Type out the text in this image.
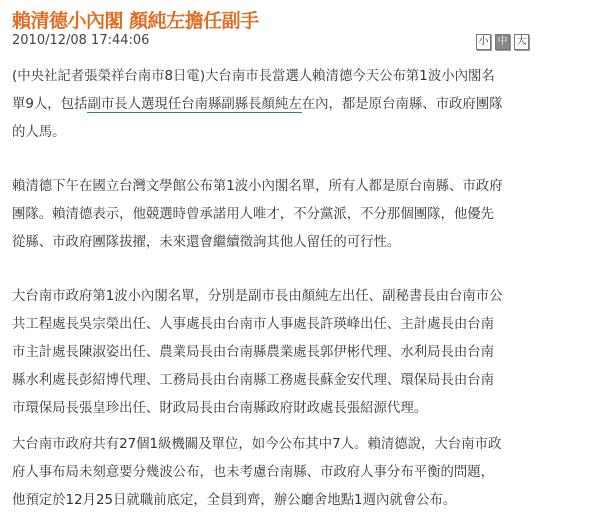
賴清德小內閣 顏純左擔任副手
2010/12/08 17:44:06	小 中 大
(中央社記者張榮祥台南市8日電)大台南市長當選人賴清德今天公布第1波小內閣名
單9人，包括副市長人選現任台南縣副縣長顏純左在內，都是原台南縣、市政府團隊
的人馬。
賴清德下午在國立台灣文學館公布第1波小內閣名單，所有人都是原台南縣、市政府
團隊。賴清德表示，他競選時曾承諾用人唯才，不分黨派，不分那個團隊，他優先
從縣、市政府團隊拔擢，未來還會繼續徵詢其他人留任的可行性。
大台南市政府第1波小內閣名單，分別是副市長由顏純左出任、副秘書長由台南市公
共工程處長吳宗榮出任、人事處長由台南市人事處長許瑛峰出任、主計處長由台南
市主計處長陳淑姿出任、農業局長由台南縣農業處長郭伊彬代理、水利局長由台南
縣水利處長彭紹博代理、工務局長由台南縣工務處長蘇金安代理、環保局長由台南
市環保局長張皇珍出任、財政局長由台南縣政府財政處長張紹源代理。
大台南市政府共有27個1級機關及單位，如今公布其中7人。賴清德說，大台南市政
府人事布局未刻意要分幾波公布，也未考慮台南縣、市政府人事分布平衡的問題，
他預定於12月25日就職前底定，全員到齊，辦公廳舍地點1週內就會公布。
